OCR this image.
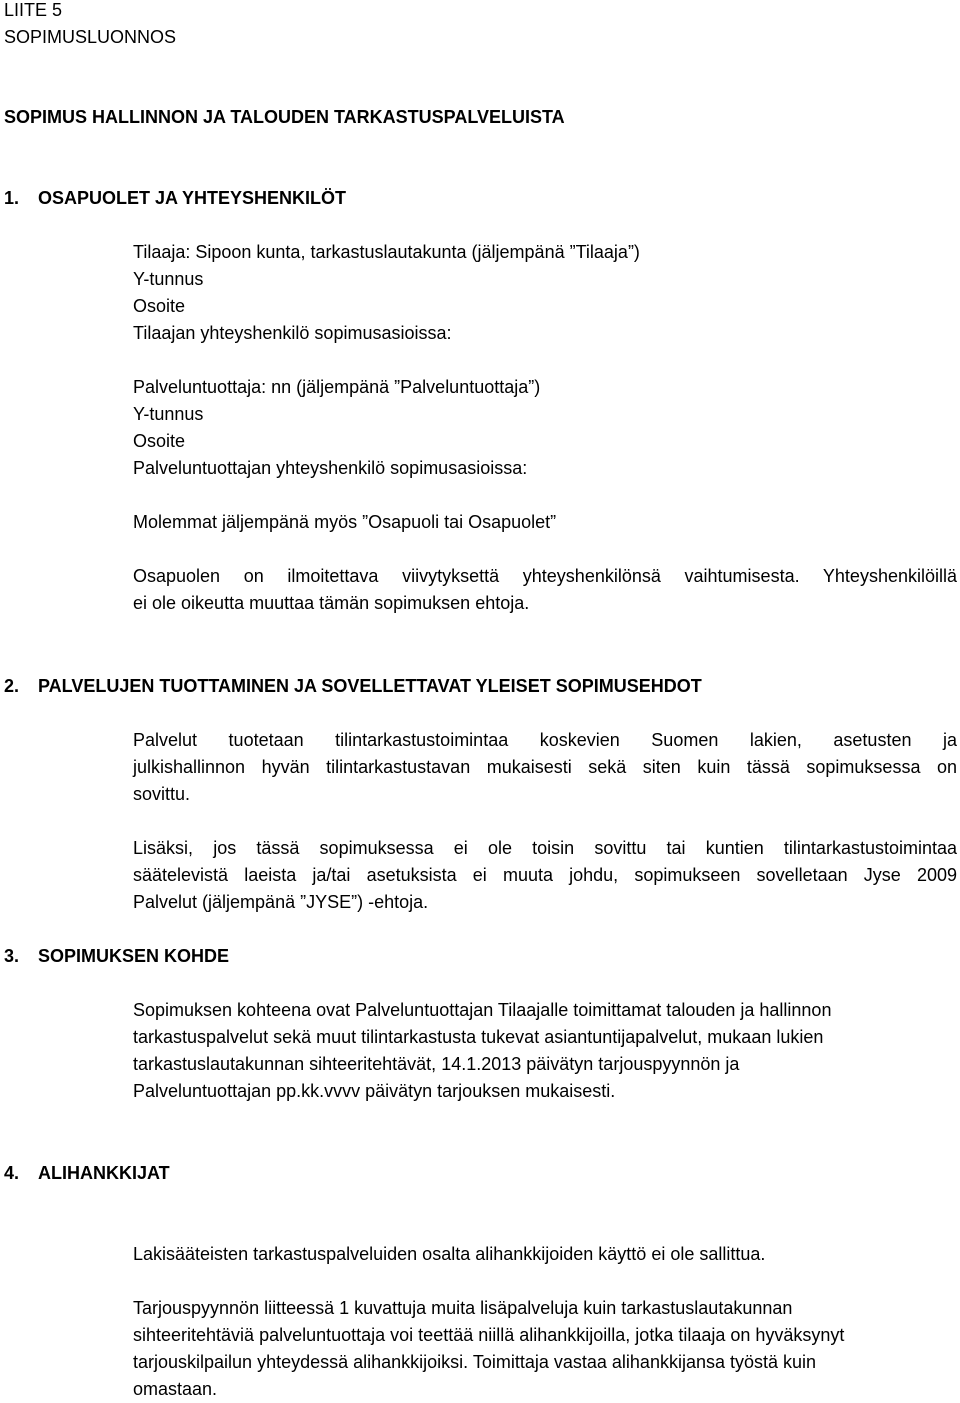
LIITE 5

SOPIMUSLUONNOS

SOPIMUS HALLINNON JA TALOUDEN TARKASTUSPALVELUISTA

1. OSAPUOLET JA YHTEYSHENKILÖT

Tilaaja: Sipoon kunta, tarkastuslautakunta (jäljempänä ”Tilaaja”)

Y-tunnus

Osoite

Tilaajan yhteyshenkilö sopimusasioissa:

Palveluntuottaja: nn (jäljempänä ”Palveluntuottaja”)

Y-tunnus

Osoite

Palveluntuottajan yhteyshenkilö sopimusasioissa:

Molemmat jäljempänä myös ”Osapuoli tai Osapuolet”

Osapuolen on ilmoitettava viivytyksettä yhteyshenkilönsä vaihtumisesta. Yhteyshenkilöillä

ei ole oikeutta muuttaa tämän sopimuksen ehtoja.

2. PALVELUJEN TUOTTAMINEN JA SOVELLETTAVAT YLEISET SOPIMUSEHDOT

Palvelut tuotetaan tilintarkastustoimintaa koskevien Suomen lakien, asetusten ja

julkishallinnon hyvän tilintarkastustavan mukaisesti sekä siten kuin tässä sopimuksessa on

sovittu.

Lisäksi, jos tässä sopimuksessa ei ole toisin sovittu tai kuntien tilintarkastustoimintaa

säätelevistä laeista ja/tai asetuksista ei muuta johdu, sopimukseen sovelletaan Jyse 2009

Palvelut (jäljempänä ”JYSE”) -ehtoja.

3. SOPIMUKSEN KOHDE

Sopimuksen kohteena ovat Palveluntuottajan Tilaajalle toimittamat talouden ja hallinnon

tarkastuspalvelut sekä muut tilintarkastusta tukevat asiantuntijapalvelut, mukaan lukien

tarkastuslautakunnan sihteeritehtävät, 14.1.2013 päivätyn tarjouspyynnön ja

Palveluntuottajan pp.kk.vvvv päivätyn tarjouksen mukaisesti.

4. ALIHANKKIJAT

Lakisääteisten tarkastuspalveluiden osalta alihankkijoiden käyttö ei ole sallittua.

Tarjouspyynnön liitteessä 1 kuvattuja muita lisäpalveluja kuin tarkastuslautakunnan

sihteeritehtäviä palveluntuottaja voi teettää niillä alihankkijoilla, jotka tilaaja on hyväksynyt

tarjouskilpailun yhteydessä alihankkijoiksi. Toimittaja vastaa alihankkijansa työstä kuin

omastaan.
